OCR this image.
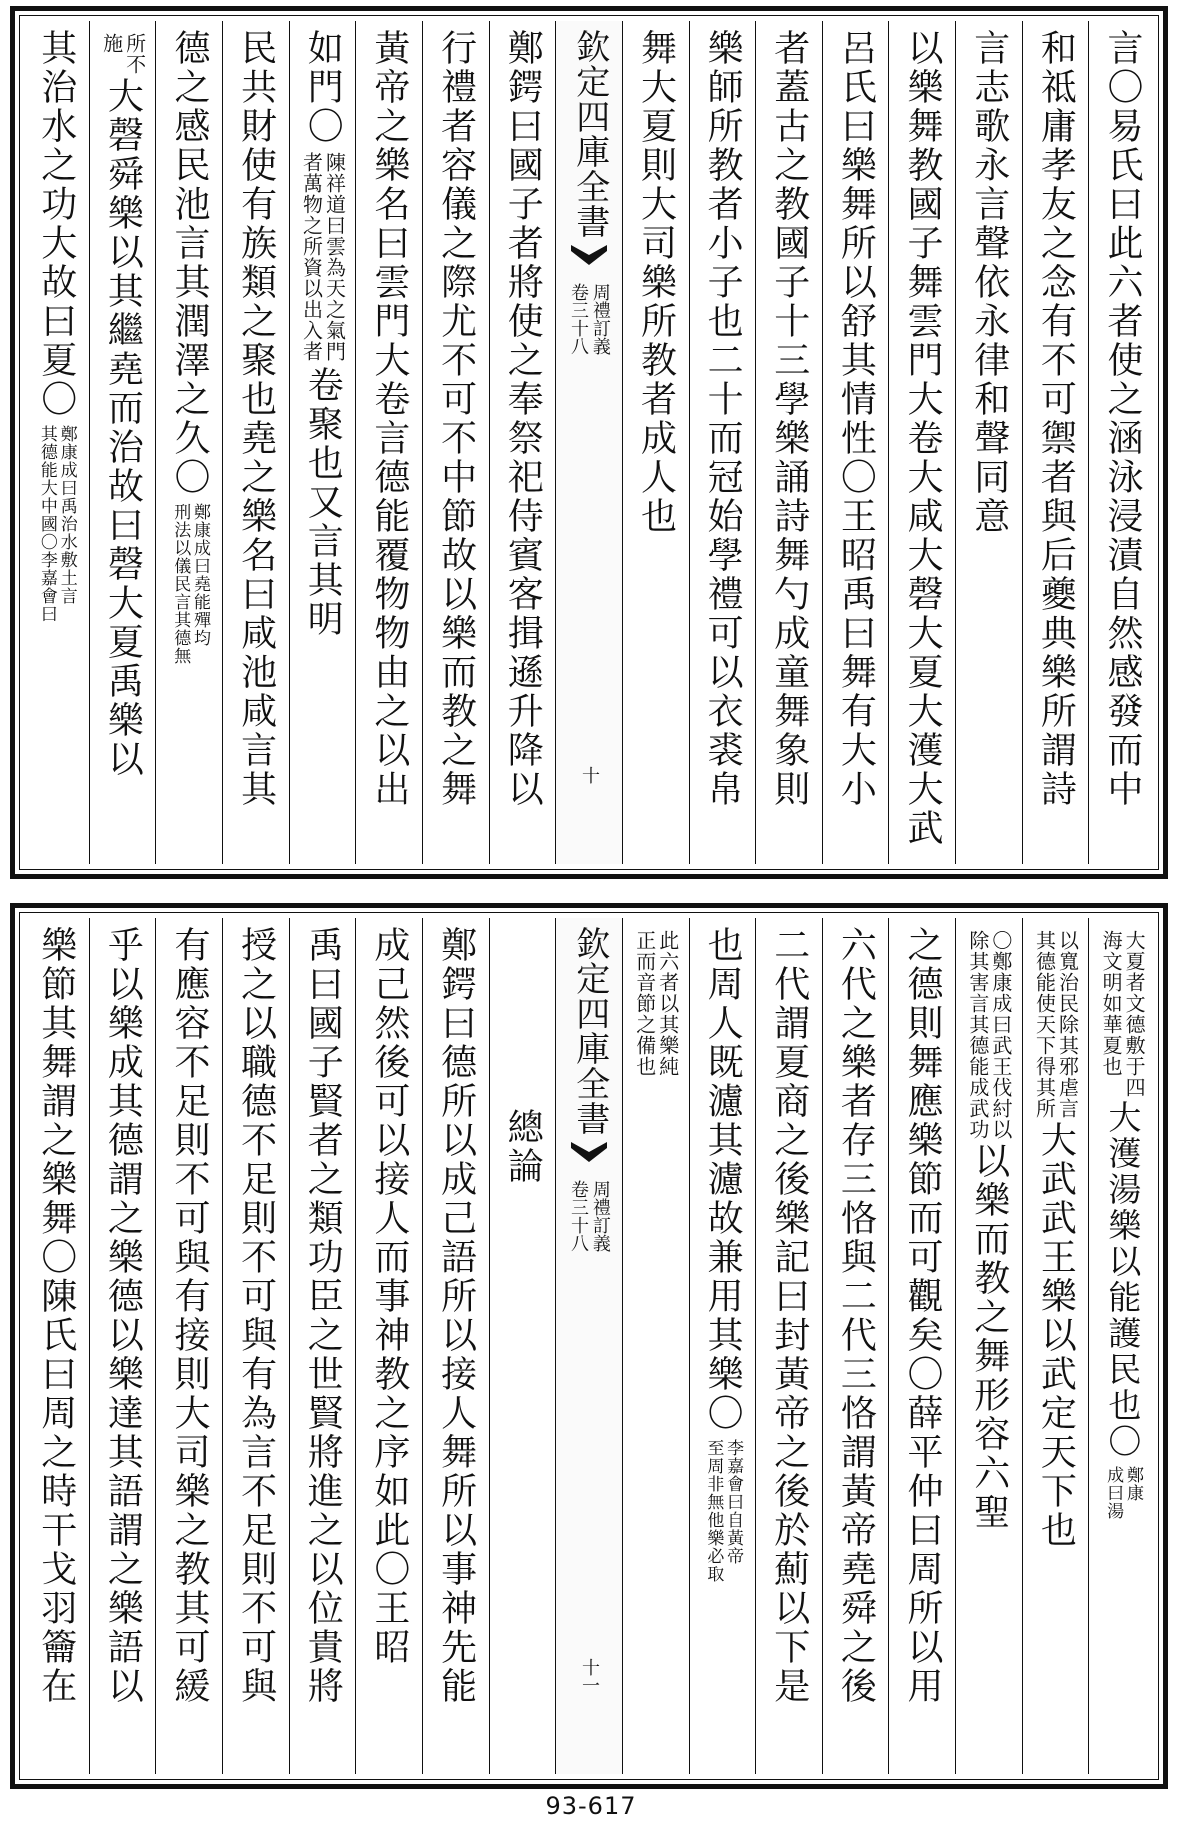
言〇易氏曰此六者使之涵泳浸漬自然感發而中
和祗庸孝友之念有不可禦者與后夔典樂所謂詩
言志歌永言聲依永律和聲同意
以樂舞教國子舞雲門大卷大咸大磬大夏大濩大武
呂氏曰樂舞所以舒其情性〇王昭禹曰舞有大小
者蓋古之教國子十三學樂誦詩舞勺成童舞象則
樂師所教者小子也二十而冠始學禮可以衣裘帛
舞大夏則大司樂所教者成人也
欽定四庫全書
周禮訂義
卷三十八
十
鄭鍔曰國子者將使之奉祭祀侍賓客揖遜升降以
行禮者容儀之際尤不可不中節故以樂而教之舞
黃帝之樂名曰雲門大卷言德能覆物物由之以出
如門〇
陳祥道曰雲為天之氣門
者萬物之所資以出入者
卷聚也又言其明
民共財使有族類之聚也堯之樂名曰咸池咸言其
德之感民池言其潤澤之久〇
鄭康成曰堯能殫均
刑法以儀民言其德無
所不
施
大磬舜樂以其繼堯而治故曰磬大夏禹樂以
其治水之功大故曰夏〇
鄭康成曰禹治水敷土言
其德能大中國〇李嘉會曰
大夏者文德敷于四
海文明如華夏也
大濩湯樂以能護民也〇
鄭康
成曰湯
以寬治民除其邪虐言
其德能使天下得其所
大武武王樂以武定天下也
〇鄭康成曰武王伐紂以
除其害言其德能成武功
以樂而教之舞形容六聖
之德則舞應樂節而可觀矣〇薛平仲曰周所以用
六代之樂者存三恪與二代三恪謂黃帝堯舜之後
二代謂夏商之後樂記曰封黃帝之後於薊以下是
也周人既濾其濾故兼用其樂〇
李嘉會曰自黃帝
至周非無他樂必取
此六者以其樂純
正而音節之備也
欽定四庫全書
周禮訂義
卷三十八
十一
總論
鄭鍔曰德所以成己語所以接人舞所以事神先能
成己然後可以接人而事神教之序如此〇王昭
禹曰國子賢者之類功臣之世賢將進之以位貴將
授之以職德不足則不可與有為言不足則不可與
有應容不足則不可與有接則大司樂之教其可緩
乎以樂成其德謂之樂德以樂達其語謂之樂語以
樂節其舞謂之樂舞〇陳氏曰周之時干戈羽籥在
93-617
